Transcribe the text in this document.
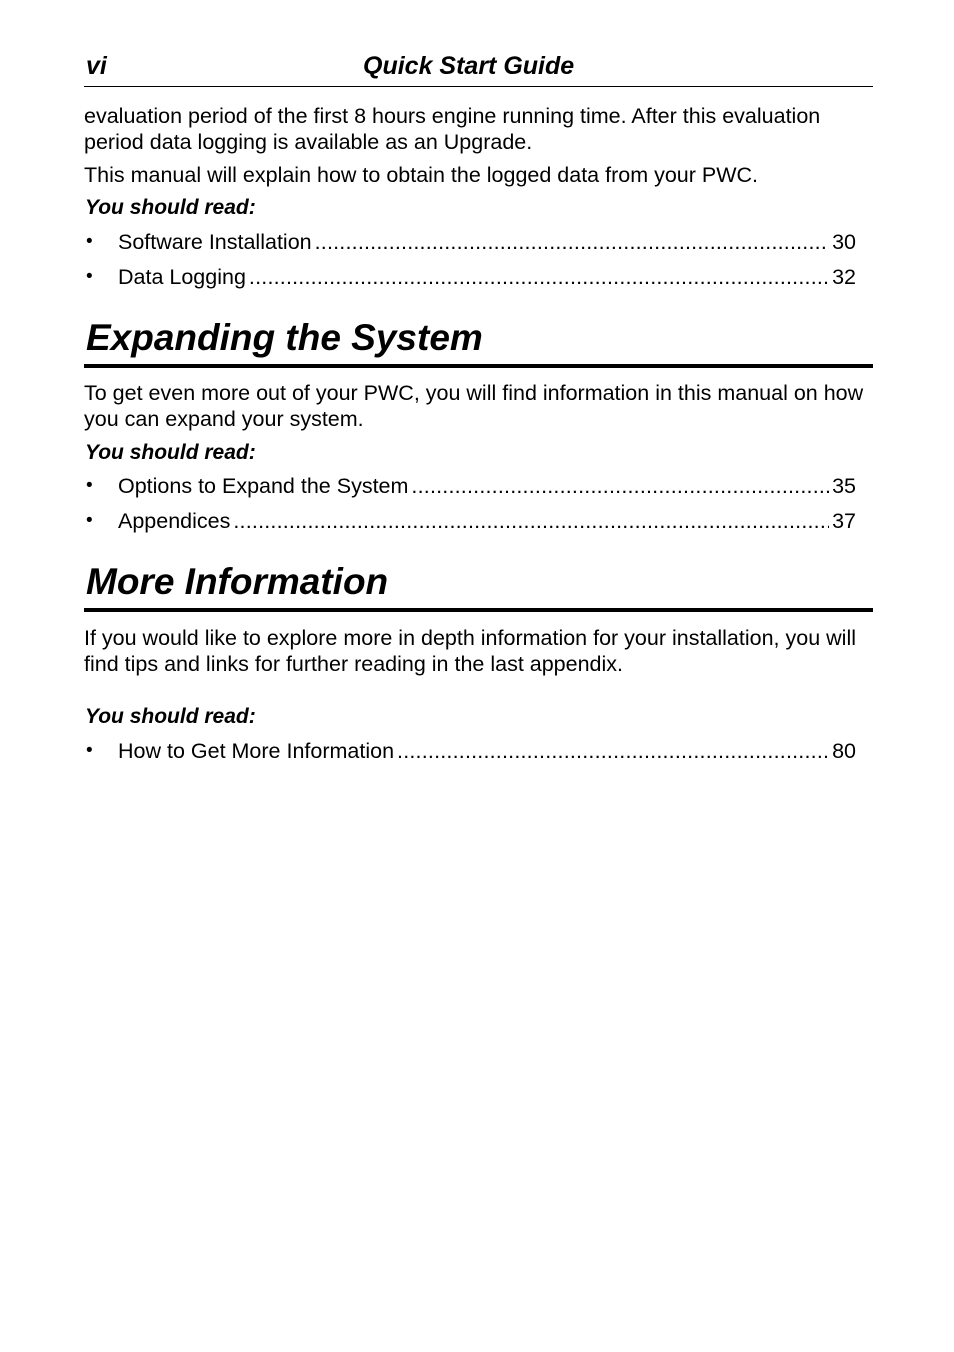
vi	Quick Start Guide

evaluation period of the first 8 hours engine running time. After this evaluation period data logging is available as an Upgrade.

This manual will explain how to obtain the logged data from your PWC.

You should read:
• Software Installation .....	30
• Data Logging .....	32
Expanding the System

To get even more out of your PWC, you will find information in this manual on how you can expand your system.

You should read:
• Options to Expand the System .....	35
• Appendices .....	37
More Information

If you would like to explore more in depth information for your installation, you will find tips and links for further reading in the last appendix.

You should read:
• How to Get More Information .....	80
